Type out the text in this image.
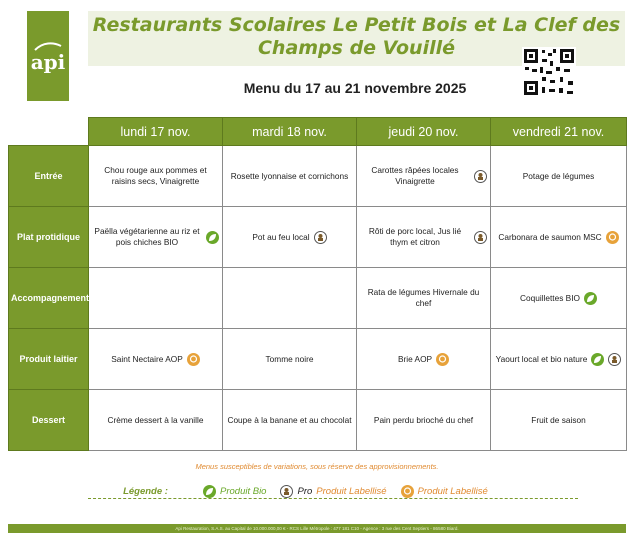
api
Restaurants Scolaires Le Petit Bois et La Clef des Champs de Vouillé
Menu du 17 au 21 novembre 2025
	lundi 17 nov.	mardi 18 nov.	jeudi 20 nov.	vendredi 21 nov.
Entrée	Chou rouge aux pommes et raisins secs, Vinaigrette	Rosette lyonnaise et cornichons	Carottes râpées locales Vinaigrette	Potage de légumes

Plat protidique	Paëlla végétarienne au riz et pois chiches BIO	Pot au feu local	Rôti de porc local, Jus lié thym et citron	Carbonara de saumon MSC

Accompagnement			Rata de légumes Hivernale du chef	Coquillettes BIO

Produit laitier	Saint Nectaire AOP	Tomme noire	Brie AOP	Yaourt local et bio nature

Dessert	Crème dessert à la vanille	Coupe à la banane et au chocolat	Pain perdu brioché du chef	Fruit de saison
Menus susceptibles de variations, sous réserve des approvisionnements.
Légende :	Produit Bio	Pro Produit Labellisé	Produit Labellisé
Api Restauration, S.A.S. au Capital de 10.000.000,00 € - RCS Lille Métropole : 477 181 C10 - Agence : 3 rue des Cent Septiers - 86580 Biard.
